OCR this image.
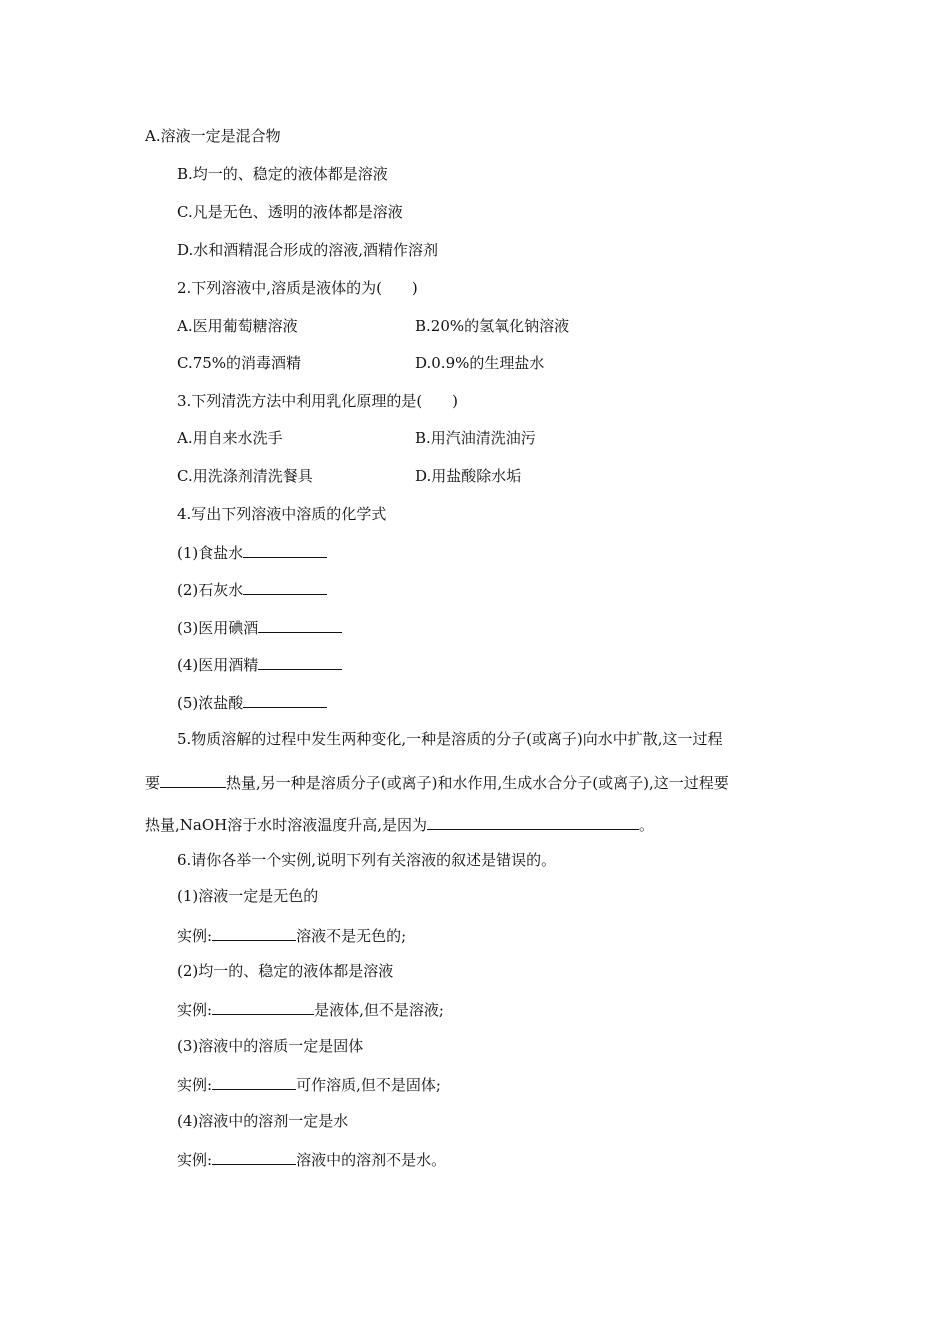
A.溶液一定是混合物
B.均一的、稳定的液体都是溶液
C.凡是无色、透明的液体都是溶液
D.水和酒精混合形成的溶液,酒精作溶剂
2.下列溶液中,溶质是液体的为(　　)
A.医用葡萄糖溶液	B.20%的氢氧化钠溶液
C.75%的消毒酒精	D.0.9%的生理盐水
3.下列清洗方法中利用乳化原理的是(　　)
A.用自来水洗手	B.用汽油清洗油污
C.用洗涤剂清洗餐具	D.用盐酸除水垢
4.写出下列溶液中溶质的化学式
(1)食盐水
(2)石灰水
(3)医用碘酒
(4)医用酒精
(5)浓盐酸
5.物质溶解的过程中发生两种变化,一种是溶质的分子(或离子)向水中扩散,这一过程
要	热量,另一种是溶质分子(或离子)和水作用,生成水合分子(或离子),这一过程要
热量,NaOH溶于水时溶液温度升高,是因为	。
6.请你各举一个实例,说明下列有关溶液的叙述是错误的。
(1)溶液一定是无色的
实例:	溶液不是无色的;
(2)均一的、稳定的液体都是溶液
实例:	是液体,但不是溶液;
(3)溶液中的溶质一定是固体
实例:	可作溶质,但不是固体;
(4)溶液中的溶剂一定是水
实例:	溶液中的溶剂不是水。
